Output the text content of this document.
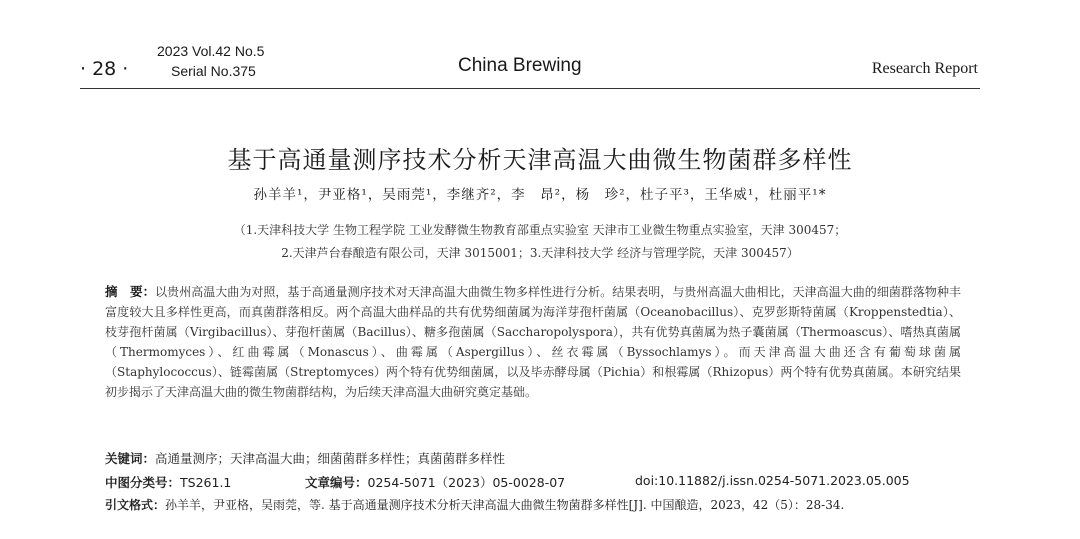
· 28 ·
2023 Vol.42 No.5
Serial No.375	China Brewing	Research Report
基于高通量测序技术分析天津高温大曲微生物菌群多样性
孙羊羊¹，尹亚格¹，吴雨莞¹，李继齐²，李　昂²，杨　珍²，杜子平³，王华威¹，杜丽平¹*
（1.天津科技大学 生物工程学院 工业发酵微生物教育部重点实验室 天津市工业微生物重点实验室，天津 300457；
2.天津芦台春酿造有限公司，天津 3015001；3.天津科技大学 经济与管理学院，天津 300457）
摘　要：以贵州高温大曲为对照，基于高通量测序技术对天津高温大曲微生物多样性进行分析。结果表明，与贵州高温大曲相比，天津高温大曲的细菌群落物种丰富度较大且多样性更高，而真菌群落相反。两个高温大曲样品的共有优势细菌属为海洋芽孢杆菌属（Oceanobacillus）、克罗彭斯特菌属（Kroppenstedtia）、枝芽孢杆菌属（Virgibacillus）、芽孢杆菌属（Bacillus）、糖多孢菌属（Saccharopolyspora），共有优势真菌属为热子囊菌属（Thermoascus）、嗜热真菌属（Thermomyces）、红曲霉属（Monascus）、曲霉属（Aspergillus）、丝衣霉属（Byssochlamys）。而天津高温大曲还含有葡萄球菌属（Staphylococcus）、链霉菌属（Streptomyces）两个特有优势细菌属，以及毕赤酵母属（Pichia）和根霉属（Rhizopus）两个特有优势真菌属。本研究结果初步揭示了天津高温大曲的微生物菌群结构，为后续天津高温大曲研究奠定基础。
关键词：高通量测序；天津高温大曲；细菌菌群多样性；真菌菌群多样性
中图分类号：TS261.1	文章编号：0254-5071（2023）05-0028-07	doi:10.11882/j.issn.0254-5071.2023.05.005
引文格式：孙羊羊，尹亚格，吴雨莞，等. 基于高通量测序技术分析天津高温大曲微生物菌群多样性[J]. 中国酿造，2023，42（5）：28-34.
